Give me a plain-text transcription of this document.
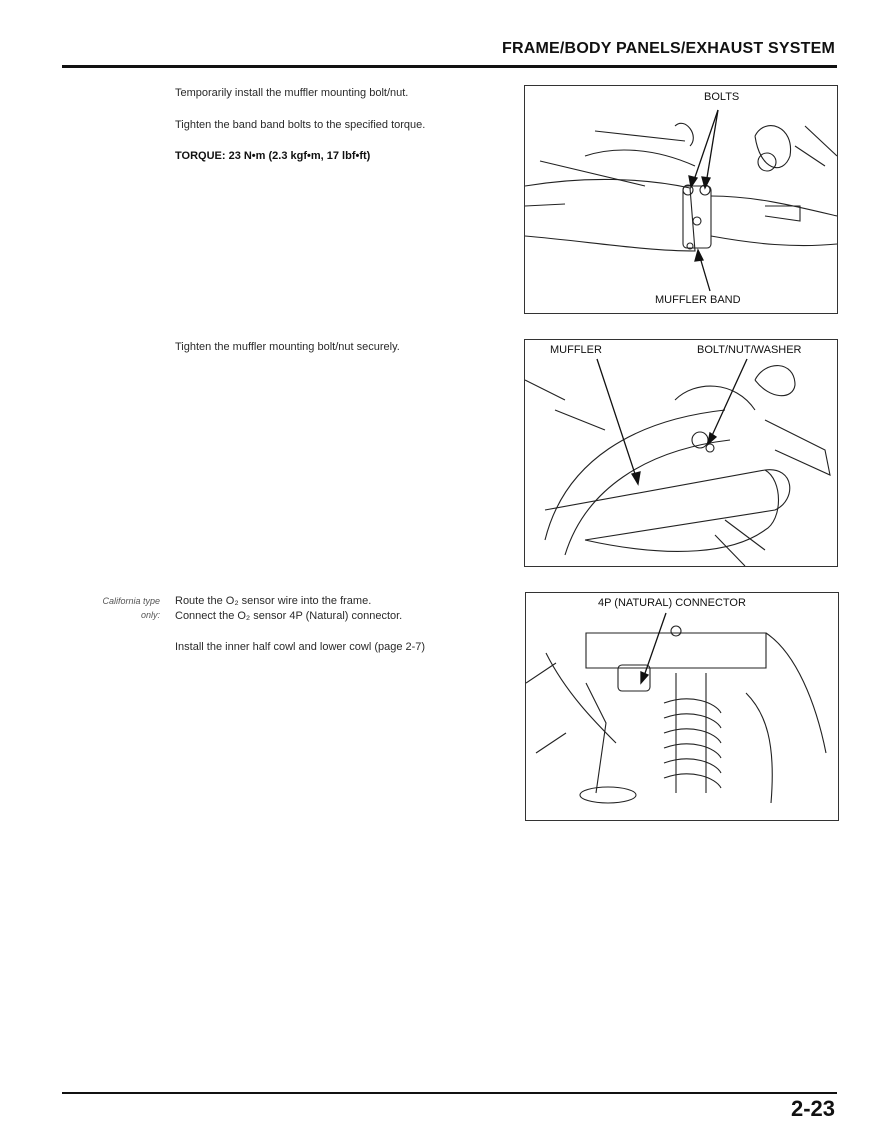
FRAME/BODY PANELS/EXHAUST SYSTEM
Temporarily install the muffler mounting bolt/nut.
Tighten the band band bolts to the specified torque.
TORQUE: 23 N•m (2.3 kgf•m, 17 lbf•ft)
BOLTS
MUFFLER BAND
Tighten the muffler mounting bolt/nut securely.	MUFFLER	BOLT/NUT/WASHER
California type
only:
Route the O₂ sensor wire into the frame.
Connect the O₂ sensor 4P (Natural) connector.
Install the inner half cowl and lower cowl (page 2-7)
4P (NATURAL) CONNECTOR
2-23
